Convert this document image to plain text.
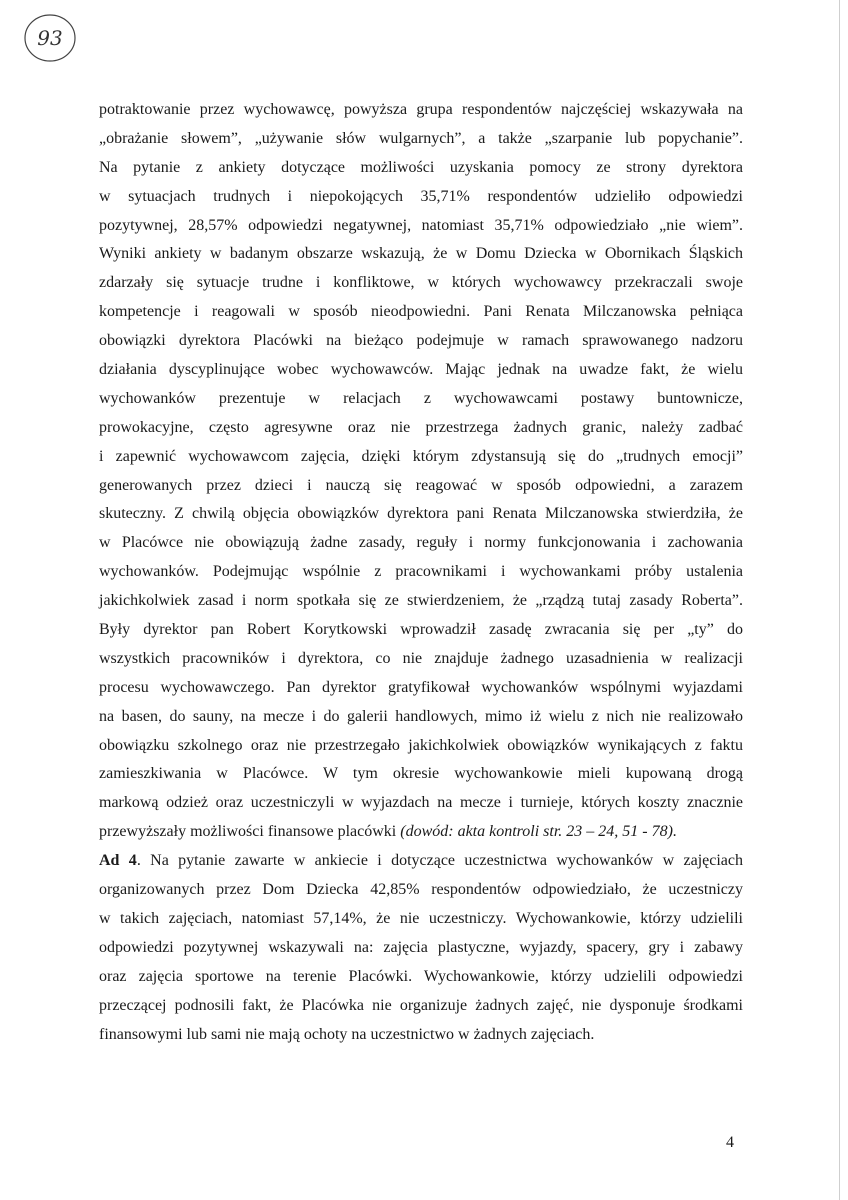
93
potraktowanie przez wychowawcę, powyższa grupa respondentów najczęściej wskazywała na
„obrażanie słowem”, „używanie słów wulgarnych”, a także „szarpanie lub popychanie”.
Na pytanie z ankiety dotyczące możliwości uzyskania pomocy ze strony dyrektora
w sytuacjach trudnych i niepokojących 35,71% respondentów udzieliło odpowiedzi
pozytywnej, 28,57% odpowiedzi negatywnej, natomiast 35,71% odpowiedziało „nie wiem”.
Wyniki ankiety w badanym obszarze wskazują, że w Domu Dziecka w Obornikach Śląskich
zdarzały się sytuacje trudne i konfliktowe, w których wychowawcy przekraczali swoje
kompetencje i reagowali w sposób nieodpowiedni. Pani Renata Milczanowska pełniąca
obowiązki dyrektora Placówki na bieżąco podejmuje w ramach sprawowanego nadzoru
działania dyscyplinujące wobec wychowawców. Mając jednak na uwadze fakt, że wielu
wychowanków prezentuje w relacjach z wychowawcami postawy buntownicze,
prowokacyjne, często agresywne oraz nie przestrzega żadnych granic, należy zadbać
i zapewnić wychowawcom zajęcia, dzięki którym zdystansują się do „trudnych emocji”
generowanych przez dzieci i nauczą się reagować w sposób odpowiedni, a zarazem
skuteczny. Z chwilą objęcia obowiązków dyrektora pani Renata Milczanowska stwierdziła, że
w Placówce nie obowiązują żadne zasady, reguły i normy funkcjonowania i zachowania
wychowanków. Podejmując wspólnie z pracownikami i wychowankami próby ustalenia
jakichkolwiek zasad i norm spotkała się ze stwierdzeniem, że „rządzą tutaj zasady Roberta”.
Były dyrektor pan Robert Korytkowski wprowadził zasadę zwracania się per „ty” do
wszystkich pracowników i dyrektora, co nie znajduje żadnego uzasadnienia w realizacji
procesu wychowawczego. Pan dyrektor gratyfikował wychowanków wspólnymi wyjazdami
na basen, do sauny, na mecze i do galerii handlowych, mimo iż wielu z nich nie realizowało
obowiązku szkolnego oraz nie przestrzegało jakichkolwiek obowiązków wynikających z faktu
zamieszkiwania w Placówce. W tym okresie wychowankowie mieli kupowaną drogą
markową odzież oraz uczestniczyli w wyjazdach na mecze i turnieje, których koszty znacznie
przewyższały możliwości finansowe placówki (dowód: akta kontroli str. 23 – 24, 51 - 78).
Ad 4. Na pytanie zawarte w ankiecie i dotyczące uczestnictwa wychowanków w zajęciach
organizowanych przez Dom Dziecka 42,85% respondentów odpowiedziało, że uczestniczy
w takich zajęciach, natomiast 57,14%, że nie uczestniczy. Wychowankowie, którzy udzielili
odpowiedzi pozytywnej wskazywali na: zajęcia plastyczne, wyjazdy, spacery, gry i zabawy
oraz zajęcia sportowe na terenie Placówki. Wychowankowie, którzy udzielili odpowiedzi
przeczącej podnosili fakt, że Placówka nie organizuje żadnych zajęć, nie dysponuje środkami
finansowymi lub sami nie mają ochoty na uczestnictwo w żadnych zajęciach.
4
